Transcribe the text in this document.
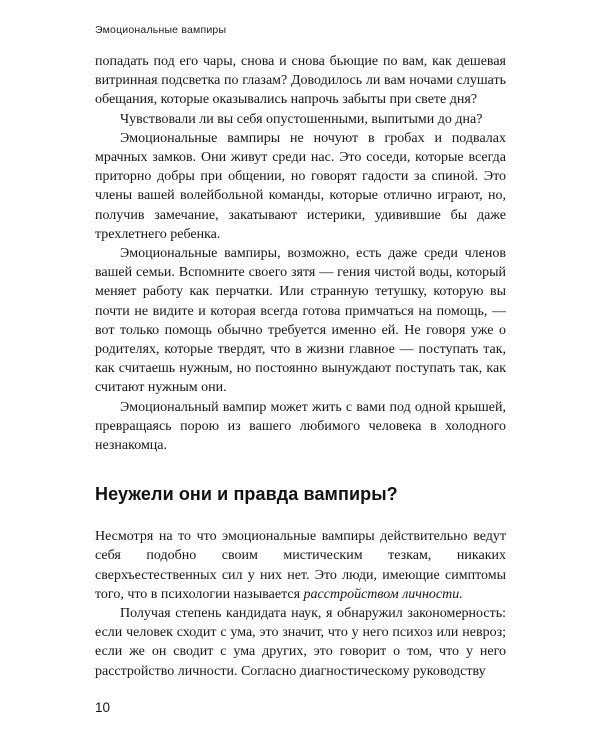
Эмоциональные вампиры

попадать под его чары, снова и снова бьющие по вам, как дешевая витринная подсветка по глазам? Доводилось ли вам ночами слушать обещания, которые оказывались напрочь забыты при свете дня?

Чувствовали ли вы себя опустошенными, выпитыми до дна?

Эмоциональные вампиры не ночуют в гробах и подвалах мрачных замков. Они живут среди нас. Это соседи, которые всегда приторно добры при общении, но говорят гадости за спиной. Это члены вашей волейбольной команды, которые отлично играют, но, получив замечание, закатывают истерики, удивившие бы даже трехлетнего ребенка.

Эмоциональные вампиры, возможно, есть даже среди членов вашей семьи. Вспомните своего зятя — гения чистой воды, который меняет работу как перчатки. Или странную тетушку, которую вы почти не видите и которая всегда готова примчаться на помощь, — вот только помощь обычно требуется именно ей. Не говоря уже о родителях, которые твердят, что в жизни главное — поступать так, как считаешь нужным, но постоянно вынуждают поступать так, как считают нужным они.

Эмоциональный вампир может жить с вами под одной крышей, превращаясь порою из вашего любимого человека в холодного незнакомца.

Неужели они и правда вампиры?

Несмотря на то что эмоциональные вампиры действительно ведут себя подобно своим мистическим тезкам, никаких сверхъестественных сил у них нет. Это люди, имеющие симптомы того, что в психологии называется расстройством личности.

Получая степень кандидата наук, я обнаружил закономерность: если человек сходит с ума, это значит, что у него психоз или невроз; если же он сводит с ума других, это говорит о том, что у него расстройство личности. Согласно диагностическому руководству

10
